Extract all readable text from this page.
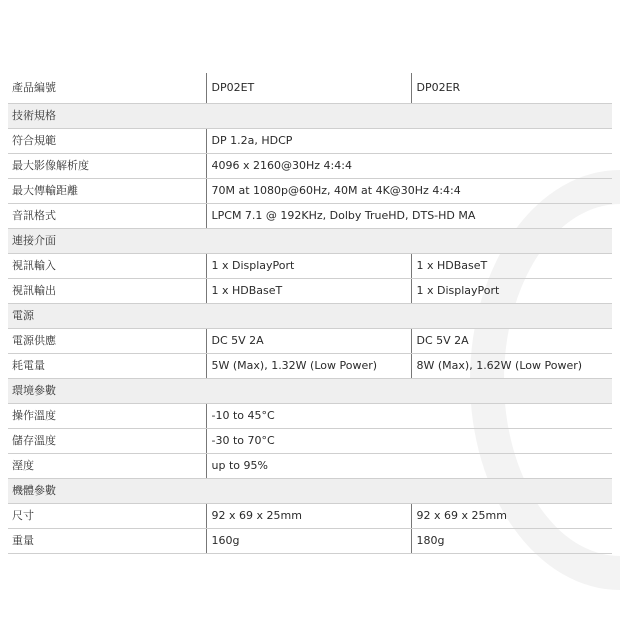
產品編號	DP02ET	DP02ER
技術規格		
符合規範	DP 1.2a, HDCP	
最大影像解析度	4096 x 2160@30Hz 4:4:4	
最大傳輸距離	70M at 1080p@60Hz, 40M at 4K@30Hz 4:4:4	
音訊格式	LPCM 7.1 @ 192KHz, Dolby TrueHD, DTS-HD MA	
連接介面		
視訊輸入	1 x DisplayPort	1 x HDBaseT
視訊輸出	1 x HDBaseT	1 x DisplayPort
電源		
電源供應	DC 5V 2A	DC 5V 2A
耗電量	5W (Max), 1.32W (Low Power)	8W (Max), 1.62W (Low Power)
環境參數		
操作溫度	-10 to 45°C	
儲存溫度	-30 to 70°C	
溼度	up to 95%	
機體參數		
尺寸	92 x 69 x 25mm	92 x 69 x 25mm
重量	160g	180g
